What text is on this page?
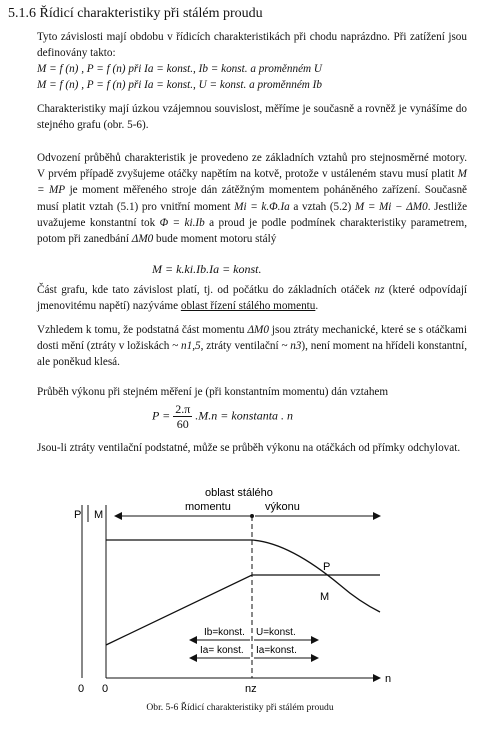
5.1.6 Řídicí charakteristiky při stálém proudu
Tyto závislosti mají obdobu v řídicích charakteristikách při chodu naprázdno. Při zatížení jsou definovány takto:
M = f (n) , P = f (n) při Ia = konst., Ib = konst. a proměnném U
M = f (n) , P = f (n) při Ia = konst., U = konst. a proměnném Ib
Charakteristiky mají úzkou vzájemnou souvislost, měříme je současně a rovněž je vynášíme do stejného grafu (obr. 5-6).
Odvození průběhů charakteristik je provedeno ze základních vztahů pro stejnosměrné motory. V prvém případě zvyšujeme otáčky napětím na kotvě, protože v ustáleném stavu musí platit M = MP je moment měřeného stroje dán zátěžným momentem poháněného zařízení. Současně musí platit vztah (5.1) pro vnitřní moment Mi = k.Φ.Ia a vztah (5.2) M = Mi − ΔM0. Jestliže uvažujeme konstantní tok Φ = ki.Ib a proud je podle podmínek charakteristiky parametrem, potom při zanedbání ΔM0 bude moment motoru stálý
M = k.ki.Ib.Ia = konst.
Část grafu, kde tato závislost platí, tj. od počátku do základních otáček nz (které odpovídají jmenovitému napětí) nazýváme oblast řízení stálého momentu.
Vzhledem k tomu, že podstatná část momentu ΔM0 jsou ztráty mechanické, které se s otáčkami dosti mění (ztráty v ložiskách ~ n1,5, ztráty ventilační ~ n3), není moment na hřídeli konstantní, ale poněkud klesá.
Průběh výkonu při stejném měření je (při konstantním momentu) dán vztahem
$P = \frac{2.\pi}{60} .M.n$ = konstanta . n
Jsou-li ztráty ventilační podstatné, může se průběh výkonu na otáčkách od přímky odchylovat.
oblast stálého
momentu	výkonu
P M
n
0 0	nz
P
M
Ib=konst. U=konst.
Ia= konst. Ia=konst.
Obr. 5-6 Řídicí charakteristiky při stálém proudu
